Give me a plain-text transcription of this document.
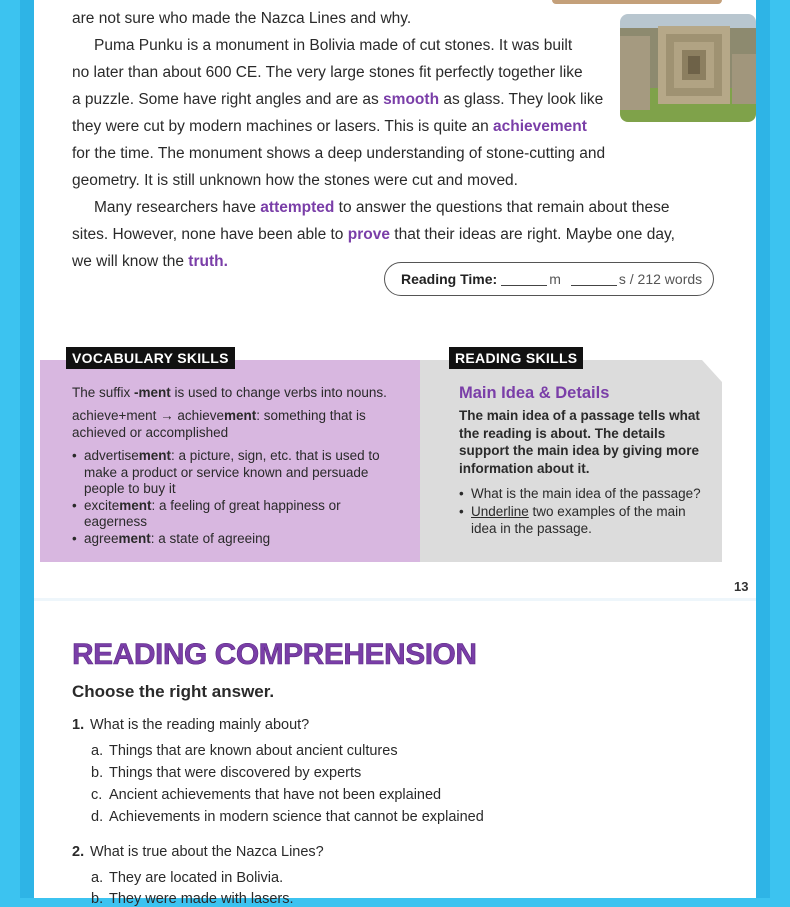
are not sure who made the Nazca Lines and why.

Puma Punku is a monument in Bolivia made of cut stones. It was built

no later than about 600 CE. The very large stones fit perfectly together like

a puzzle. Some have right angles and are as smooth as glass. They look like

they were cut by modern machines or lasers. This is quite an achievement

for the time. The monument shows a deep understanding of stone-cutting and

geometry. It is still unknown how the stones were cut and moved.

Many researchers have attempted to answer the questions that remain about these

sites. However, none have been able to prove that their ideas are right. Maybe one day,

we will know the truth.

Reading Time:	m	s / 212 words
VOCABULARY SKILLS
The suffix -ment is used to change verbs into nouns.
achieve+ment → achievement: something that is
achieved or accomplished
• advertisement: a picture, sign, etc. that is used to make a product or service known and persuade people to buy it
• excitement: a feeling of great happiness or eagerness
• agreement: a state of agreeing
READING SKILLS
Main Idea & Details
The main idea of a passage tells what the reading is about. The details support the main idea by giving more information about it.
• What is the main idea of the passage?
• Underline two examples of the main idea in the passage.
13
READING COMPREHENSION
Choose the right answer.
1. What is the reading mainly about?
a. Things that are known about ancient cultures
b. Things that were discovered by experts
c. Ancient achievements that have not been explained
d. Achievements in modern science that cannot be explained
2. What is true about the Nazca Lines?
a. They are located in Bolivia.
b. They were made with lasers.
